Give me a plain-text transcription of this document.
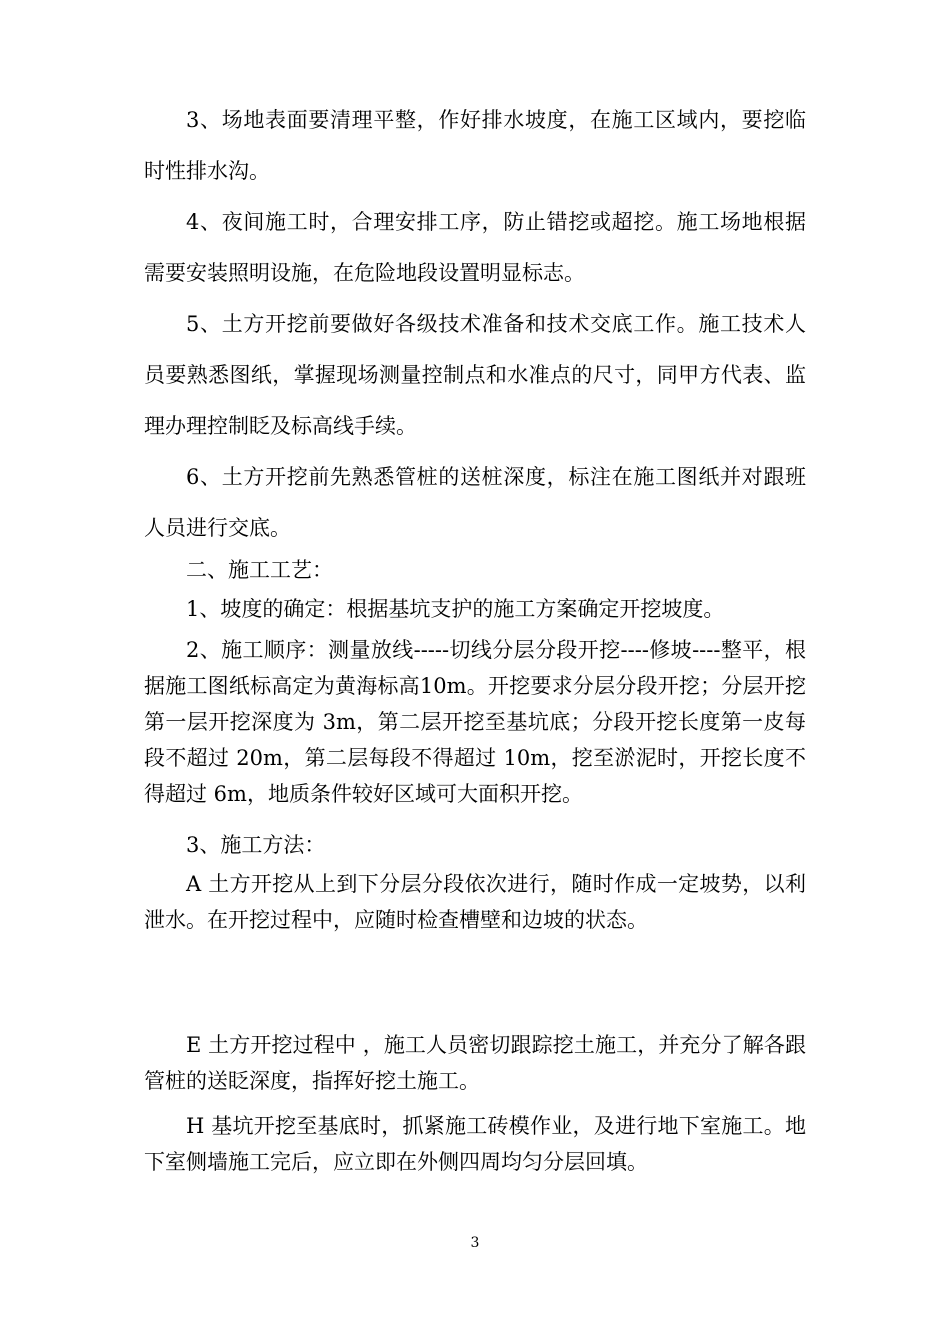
3、场地表面要清理平整，作好排水坡度，在施工区域内，要挖临时性排水沟。

4、夜间施工时，合理安排工序，防止错挖或超挖。施工场地根据需要安装照明设施，在危险地段设置明显标志。

5、土方开挖前要做好各级技术准备和技术交底工作。施工技术人员要熟悉图纸，掌握现场测量控制点和水准点的尺寸，同甲方代表、监理办理控制眨及标高线手续。

6、土方开挖前先熟悉管桩的送桩深度，标注在施工图纸并对跟班人员进行交底。

二、施工工艺：

1、坡度的确定：根据基坑支护的施工方案确定开挖坡度。

2、施工顺序：测量放线-----切线分层分段开挖----修坡----整平，根据施工图纸标高定为黄海标高10m。开挖要求分层分段开挖；分层开挖第一层开挖深度为 3m，第二层开挖至基坑底；分段开挖长度第一皮每段不超过 20m，第二层每段不得超过 10m，挖至淤泥时，开挖长度不得超过 6m，地质条件较好区域可大面积开挖。

3、施工方法：

A 土方开挖从上到下分层分段依次进行，随时作成一定坡势，以利泄水。在开挖过程中，应随时检查槽壁和边坡的状态。

E 土方开挖过程中 ，施工人员密切跟踪挖土施工，并充分了解各跟管桩的送眨深度，指挥好挖土施工。

H 基坑开挖至基底时，抓紧施工砖模作业，及进行地下室施工。地下室侧墙施工完后，应立即在外侧四周均匀分层回填。

3
